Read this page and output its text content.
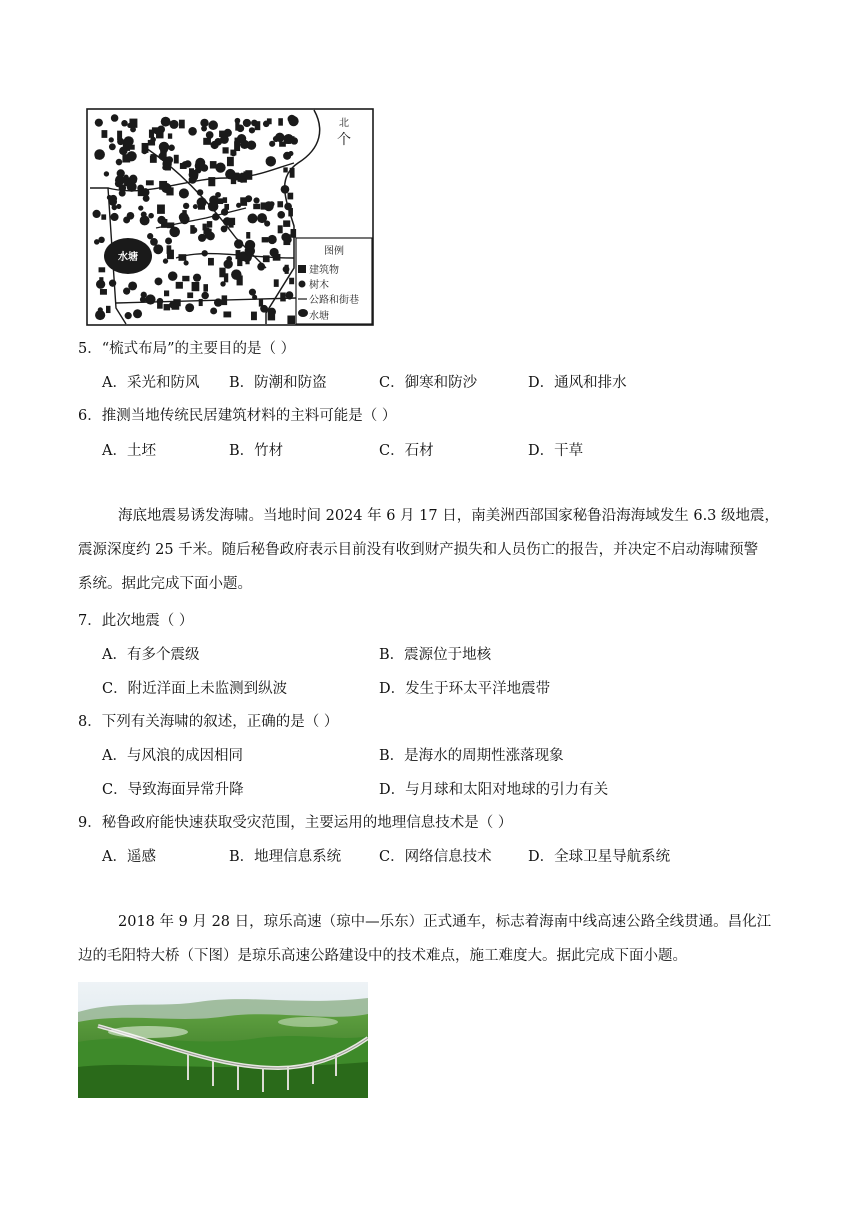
水塘
北
个
图例
建筑物
树木
公路和街巷
水塘
5．“梳式布局”的主要目的是（ ）
A．采光和防风 B．防潮和防盗	C．御寒和防沙	D．通风和排水
6．推测当地传统民居建筑材料的主料可能是（ ）
A．土坯	B．竹材	C．石材	D．干草
海底地震易诱发海啸。当地时间 2024 年 6 月 17 日，南美洲西部国家秘鲁沿海海域发生 6.3 级地震，
震源深度约 25 千米。随后秘鲁政府表示目前没有收到财产损失和人员伤亡的报告，并决定不启动海啸预警
系统。据此完成下面小题。
7．此次地震（ ）
A．有多个震级	B．震源位于地核
C．附近洋面上未监测到纵波	D．发生于环太平洋地震带
8．下列有关海啸的叙述，正确的是（ ）
A．与风浪的成因相同	B．是海水的周期性涨落现象
C．导致海面异常升降	D．与月球和太阳对地球的引力有关
9．秘鲁政府能快速获取受灾范围，主要运用的地理信息技术是（ ）
A．遥感	B．地理信息系统	C．网络信息技术	D．全球卫星导航系统
2018 年 9 月 28 日，琼乐高速（琼中—乐东）正式通车，标志着海南中线高速公路全线贯通。昌化江
边的毛阳特大桥（下图）是琼乐高速公路建设中的技术难点，施工难度大。据此完成下面小题。
